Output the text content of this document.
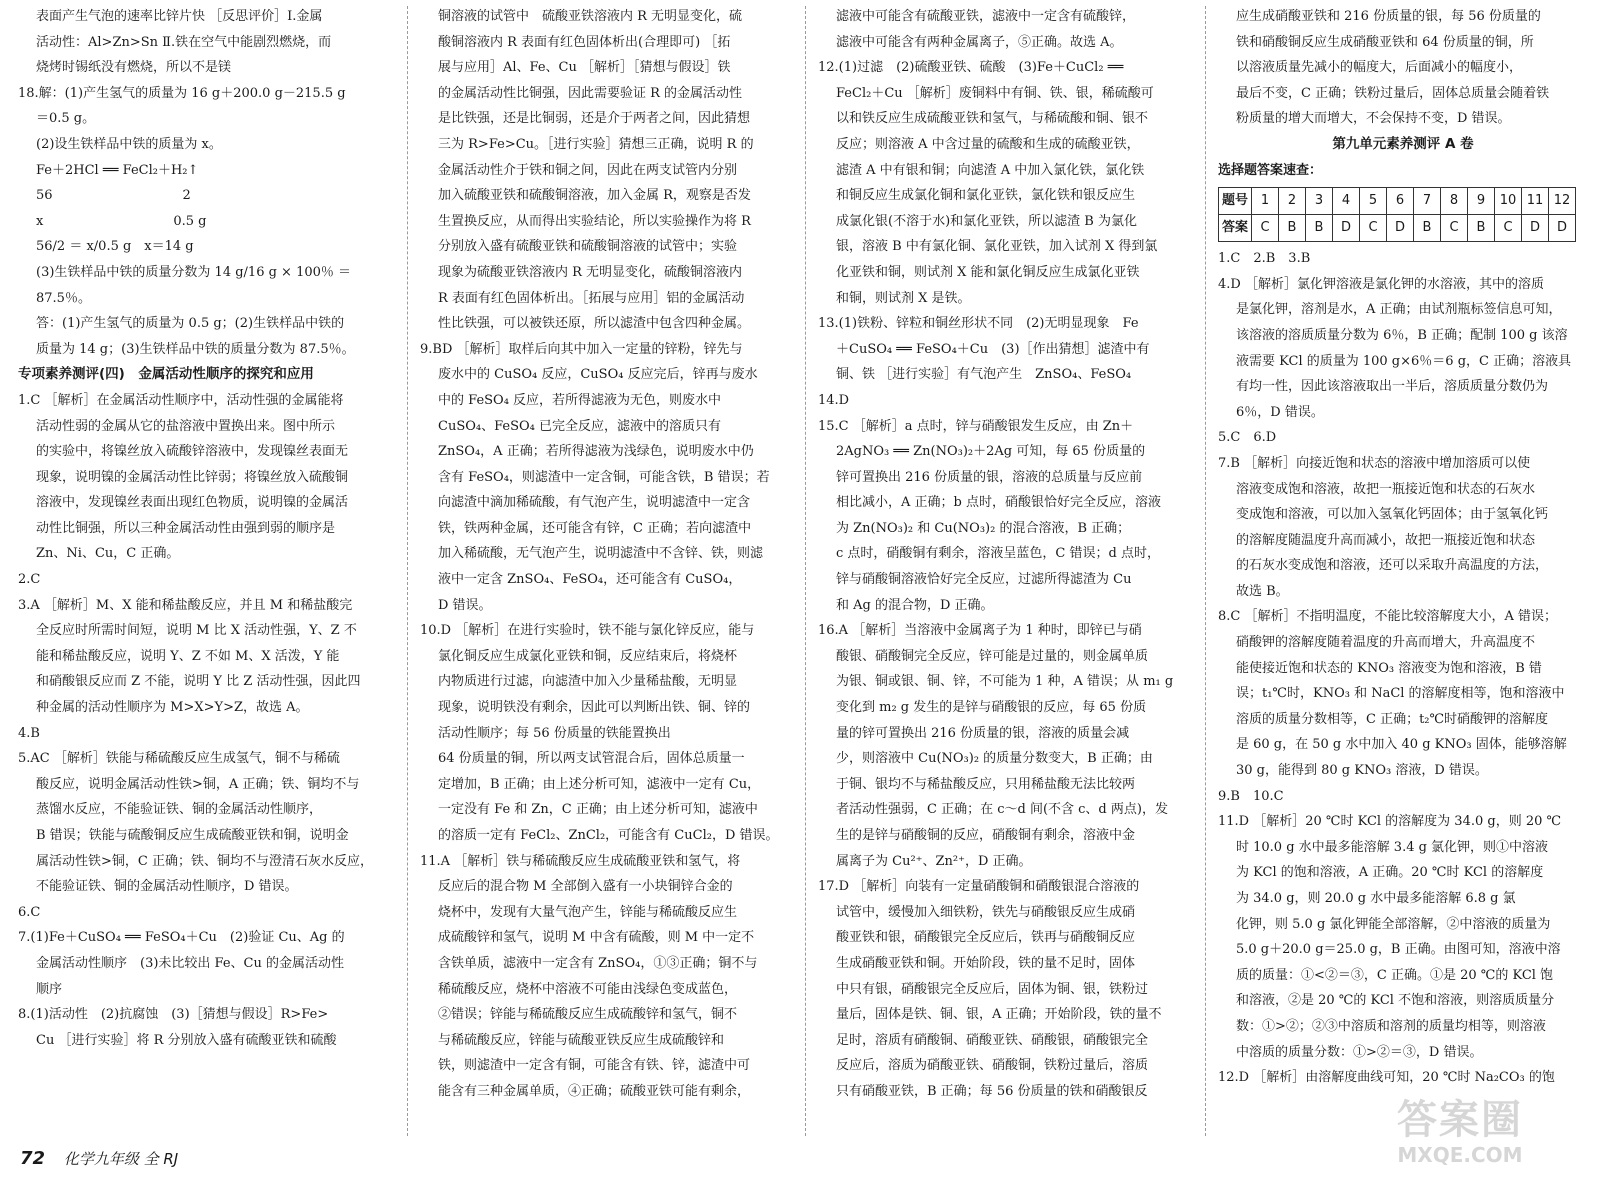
表面产生气泡的速率比锌片快 ［反思评价］Ⅰ.金属

活动性：Al>Zn>Sn Ⅱ.铁在空气中能剧烈燃烧，而

烧烤时锡纸没有燃烧，所以不是镁

18.解：(1)产生氢气的质量为 16 g＋200.0 g－215.5 g

＝0.5 g。

(2)设生铁样品中铁的质量为 x。

Fe＋2HCl ══ FeCl₂＋H₂↑

56　　　　　　　　　　2

x　　　　　　　　　　0.5 g

56/2 ＝ x/0.5 g　x＝14 g

(3)生铁样品中铁的质量分数为 14 g/16 g × 100％ ＝

87.5％。

答：(1)产生氢气的质量为 0.5 g；(2)生铁样品中铁的

质量为 14 g；(3)生铁样品中铁的质量分数为 87.5％。

专项素养测评(四)　金属活动性顺序的探究和应用

1.C ［解析］在金属活动性顺序中，活动性强的金属能将

活动性弱的金属从它的盐溶液中置换出来。图中所示

的实验中，将镍丝放入硫酸锌溶液中，发现镍丝表面无

现象，说明镍的金属活动性比锌弱；将镍丝放入硫酸铜

溶液中，发现镍丝表面出现红色物质，说明镍的金属活

动性比铜强，所以三种金属活动性由强到弱的顺序是

Zn、Ni、Cu，C 正确。

2.C

3.A ［解析］M、X 能和稀盐酸反应，并且 M 和稀盐酸完

全反应时所需时间短，说明 M 比 X 活动性强，Y、Z 不

能和稀盐酸反应，说明 Y、Z 不如 M、X 活泼，Y 能

和硝酸银反应而 Z 不能，说明 Y 比 Z 活动性强，因此四

种金属的活动性顺序为 M>X>Y>Z，故选 A。

4.B

5.AC ［解析］铁能与稀硫酸反应生成氢气，铜不与稀硫

酸反应，说明金属活动性铁>铜，A 正确；铁、铜均不与

蒸馏水反应，不能验证铁、铜的金属活动性顺序，

B 错误；铁能与硫酸铜反应生成硫酸亚铁和铜，说明金

属活动性铁>铜，C 正确；铁、铜均不与澄清石灰水反应，

不能验证铁、铜的金属活动性顺序，D 错误。

6.C

7.(1)Fe＋CuSO₄ ══ FeSO₄＋Cu　(2)验证 Cu、Ag 的

金属活动性顺序　(3)未比较出 Fe、Cu 的金属活动性

顺序

8.(1)活动性　(2)抗腐蚀　(3)［猜想与假设］R>Fe>

Cu ［进行实验］将 R 分别放入盛有硫酸亚铁和硫酸

铜溶液的试管中　硫酸亚铁溶液内 R 无明显变化，硫

酸铜溶液内 R 表面有红色固体析出(合理即可) ［拓

展与应用］Al、Fe、Cu ［解析］［猜想与假设］铁

的金属活动性比铜强，因此需要验证 R 的金属活动性

是比铁强，还是比铜弱，还是介于两者之间，因此猜想

三为 R>Fe>Cu。［进行实验］猜想三正确，说明 R 的

金属活动性介于铁和铜之间，因此在两支试管内分别

加入硫酸亚铁和硫酸铜溶液，加入金属 R，观察是否发

生置换反应，从而得出实验结论，所以实验操作为将 R

分别放入盛有硫酸亚铁和硫酸铜溶液的试管中；实验

现象为硫酸亚铁溶液内 R 无明显变化，硫酸铜溶液内

R 表面有红色固体析出。［拓展与应用］铝的金属活动

性比铁强，可以被铁还原，所以滤渣中包含四种金属。

9.BD ［解析］取样后向其中加入一定量的锌粉，锌先与

废水中的 CuSO₄ 反应，CuSO₄ 反应完后，锌再与废水

中的 FeSO₄ 反应，若所得滤液为无色，则废水中

CuSO₄、FeSO₄ 已完全反应，滤液中的溶质只有

ZnSO₄，A 正确；若所得滤液为浅绿色，说明废水中仍

含有 FeSO₄，则滤渣中一定含铜，可能含铁，B 错误；若

向滤渣中滴加稀硫酸，有气泡产生，说明滤渣中一定含

铁，铁两种金属，还可能含有锌，C 正确；若向滤渣中

加入稀硫酸，无气泡产生，说明滤渣中不含锌、铁，则滤

液中一定含 ZnSO₄、FeSO₄，还可能含有 CuSO₄，

D 错误。

10.D ［解析］在进行实验时，铁不能与氯化锌反应，能与

氯化铜反应生成氯化亚铁和铜，反应结束后，将烧杯

内物质进行过滤，向滤渣中加入少量稀盐酸，无明显

现象，说明铁没有剩余，因此可以判断出铁、铜、锌的

活动性顺序；每 56 份质量的铁能置换出

64 份质量的铜，所以两支试管混合后，固体总质量一

定增加，B 正确；由上述分析可知，滤液中一定有 Cu，

一定没有 Fe 和 Zn，C 正确；由上述分析可知，滤液中

的溶质一定有 FeCl₂、ZnCl₂，可能含有 CuCl₂，D 错误。

11.A ［解析］铁与稀硫酸反应生成硫酸亚铁和氢气，将

反应后的混合物 M 全部倒入盛有一小块铜锌合金的

烧杯中，发现有大量气泡产生，锌能与稀硫酸反应生

成硫酸锌和氢气，说明 M 中含有硫酸，则 M 中一定不

含铁单质，滤液中一定含有 ZnSO₄，①③正确；铜不与

稀硫酸反应，烧杯中溶液不可能由浅绿色变成蓝色，

②错误；锌能与稀硫酸反应生成硫酸锌和氢气，铜不

与稀硫酸反应，锌能与硫酸亚铁反应生成硫酸锌和

铁，则滤渣中一定含有铜，可能含有铁、锌，滤渣中可

能含有三种金属单质，④正确；硫酸亚铁可能有剩余，

滤液中可能含有硫酸亚铁，滤液中一定含有硫酸锌，

滤液中可能含有两种金属离子，⑤正确。故选 A。

12.(1)过滤　(2)硫酸亚铁、硫酸　(3)Fe＋CuCl₂ ══

FeCl₂＋Cu ［解析］废铜料中有铜、铁、银，稀硫酸可

以和铁反应生成硫酸亚铁和氢气，与稀硫酸和铜、银不

反应；则溶液 A 中含过量的硫酸和生成的硫酸亚铁，

滤渣 A 中有银和铜；向滤渣 A 中加入氯化铁，氯化铁

和铜反应生成氯化铜和氯化亚铁，氯化铁和银反应生

成氯化银(不溶于水)和氯化亚铁，所以滤渣 B 为氯化

银，溶液 B 中有氯化铜、氯化亚铁，加入试剂 X 得到氯

化亚铁和铜，则试剂 X 能和氯化铜反应生成氯化亚铁

和铜，则试剂 X 是铁。

13.(1)铁粉、锌粒和铜丝形状不同　(2)无明显现象　Fe

＋CuSO₄ ══ FeSO₄＋Cu　(3)［作出猜想］滤渣中有

铜、铁 ［进行实验］有气泡产生　ZnSO₄、FeSO₄

14.D

15.C ［解析］a 点时，锌与硝酸银发生反应，由 Zn＋

2AgNO₃ ══ Zn(NO₃)₂＋2Ag 可知，每 65 份质量的

锌可置换出 216 份质量的银，溶液的总质量与反应前

相比减小，A 正确；b 点时，硝酸银恰好完全反应，溶液

为 Zn(NO₃)₂ 和 Cu(NO₃)₂ 的混合溶液，B 正确；

c 点时，硝酸铜有剩余，溶液呈蓝色，C 错误；d 点时，

锌与硝酸铜溶液恰好完全反应，过滤所得滤渣为 Cu

和 Ag 的混合物，D 正确。

16.A ［解析］当溶液中金属离子为 1 种时，即锌已与硝

酸银、硝酸铜完全反应，锌可能是过量的，则金属单质

为银、铜或银、铜、锌，不可能为 1 种，A 错误；从 m₁ g

变化到 m₂ g 发生的是锌与硝酸银的反应，每 65 份质

量的锌可置换出 216 份质量的银，溶液的质量会减

少，则溶液中 Cu(NO₃)₂ 的质量分数变大，B 正确；由

于铜、银均不与稀盐酸反应，只用稀盐酸无法比较两

者活动性强弱，C 正确；在 c～d 间(不含 c、d 两点)，发

生的是锌与硝酸铜的反应，硝酸铜有剩余，溶液中金

属离子为 Cu²⁺、Zn²⁺，D 正确。

17.D ［解析］向装有一定量硝酸铜和硝酸银混合溶液的

试管中，缓慢加入细铁粉，铁先与硝酸银反应生成硝

酸亚铁和银，硝酸银完全反应后，铁再与硝酸铜反应

生成硝酸亚铁和铜。开始阶段，铁的量不足时，固体

中只有银，硝酸银完全反应后，固体为铜、银，铁粉过

量后，固体是铁、铜、银，A 正确；开始阶段，铁的量不

足时，溶质有硝酸铜、硝酸亚铁、硝酸银，硝酸银完全

反应后，溶质为硝酸亚铁、硝酸铜，铁粉过量后，溶质

只有硝酸亚铁，B 正确；每 56 份质量的铁和硝酸银反

应生成硝酸亚铁和 216 份质量的银，每 56 份质量的

铁和硝酸铜反应生成硝酸亚铁和 64 份质量的铜，所

以溶液质量先减小的幅度大，后面减小的幅度小，

最后不变，C 正确；铁粉过量后，固体总质量会随着铁

粉质量的增大而增大，不会保持不变，D 错误。

第九单元素养测评 A 卷

选择题答案速查：

题号	1	2	3	4	5	6	7	8	9	10	11	12
答案	C	B	B	D	C	D	B	C	B	C	D	D

1.C　2.B　3.B

4.D ［解析］氯化钾溶液是氯化钾的水溶液，其中的溶质

是氯化钾，溶剂是水，A 正确；由试剂瓶标签信息可知，

该溶液的溶质质量分数为 6％，B 正确；配制 100 g 该溶

液需要 KCl 的质量为 100 g×6％＝6 g，C 正确；溶液具

有均一性，因此该溶液取出一半后，溶质质量分数仍为

6％，D 错误。

5.C　6.D

7.B ［解析］向接近饱和状态的溶液中增加溶质可以使

溶液变成饱和溶液，故把一瓶接近饱和状态的石灰水

变成饱和溶液，可以加入氢氧化钙固体；由于氢氧化钙

的溶解度随温度升高而减小，故把一瓶接近饱和状态

的石灰水变成饱和溶液，还可以采取升高温度的方法，

故选 B。

8.C ［解析］不指明温度，不能比较溶解度大小，A 错误；

硝酸钾的溶解度随着温度的升高而增大，升高温度不

能使接近饱和状态的 KNO₃ 溶液变为饱和溶液，B 错

误；t₁℃时，KNO₃ 和 NaCl 的溶解度相等，饱和溶液中

溶质的质量分数相等，C 正确；t₂℃时硝酸钾的溶解度

是 60 g，在 50 g 水中加入 40 g KNO₃ 固体，能够溶解

30 g，能得到 80 g KNO₃ 溶液，D 错误。

9.B　10.C

11.D ［解析］20 ℃时 KCl 的溶解度为 34.0 g，则 20 ℃

时 10.0 g 水中最多能溶解 3.4 g 氯化钾，则①中溶液

为 KCl 的饱和溶液，A 正确。20 ℃时 KCl 的溶解度

为 34.0 g，则 20.0 g 水中最多能溶解 6.8 g 氯

化钾，则 5.0 g 氯化钾能全部溶解，②中溶液的质量为

5.0 g＋20.0 g＝25.0 g，B 正确。由图可知，溶液中溶

质的质量：①<②＝③，C 正确。①是 20 ℃的 KCl 饱

和溶液，②是 20 ℃的 KCl 不饱和溶液，则溶质质量分

数：①>②；②③中溶质和溶剂的质量均相等，则溶液

中溶质的质量分数：①>②＝③，D 错误。

12.D ［解析］由溶解度曲线可知，20 ℃时 Na₂CO₃ 的饱

72 化学九年级 全 RJ
答案圈
MXQE.COM
